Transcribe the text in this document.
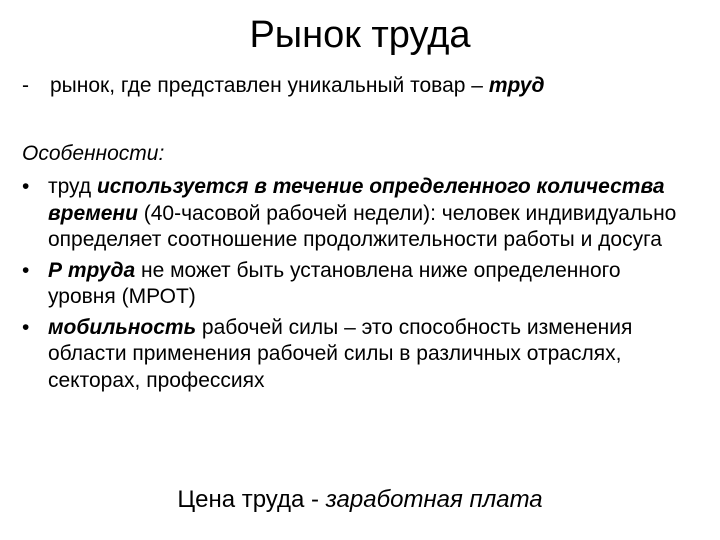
Рынок труда
- рынок, где представлен уникальный товар – труд
Особенности:
• труд используется в течение определенного количества времени (40-часовой рабочей недели): человек индивидуально определяет соотношение продолжительности работы и досуга
• Р труда не может быть установлена ниже определенного уровня (МРОТ)
• мобильность рабочей силы – это способность изменения области применения рабочей силы в различных отраслях, секторах, профессиях
Цена труда - заработная плата
